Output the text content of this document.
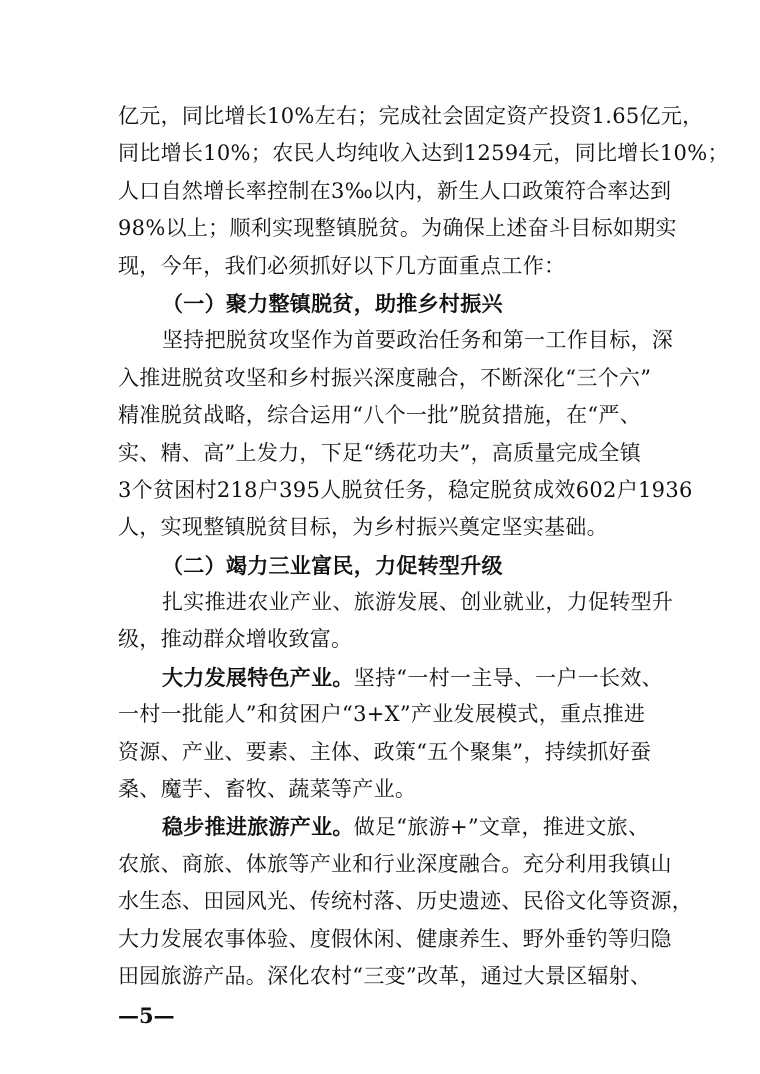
亿元，同比增长10%左右；完成社会固定资产投资1.65亿元，
同比增长10%；农民人均纯收入达到12594元，同比增长10%；
人口自然增长率控制在3‰以内，新生人口政策符合率达到
98%以上；顺利实现整镇脱贫。为确保上述奋斗目标如期实
现，今年，我们必须抓好以下几方面重点工作：
（一）聚力整镇脱贫，助推乡村振兴
坚持把脱贫攻坚作为首要政治任务和第一工作目标，深
入推进脱贫攻坚和乡村振兴深度融合，不断深化“三个六”
精准脱贫战略，综合运用“八个一批”脱贫措施，在“严、
实、精、高”上发力，下足“绣花功夫”，高质量完成全镇
3个贫困村218户395人脱贫任务，稳定脱贫成效602户1936
人，实现整镇脱贫目标，为乡村振兴奠定坚实基础。
（二）竭力三业富民，力促转型升级
扎实推进农业产业、旅游发展、创业就业，力促转型升
级，推动群众增收致富。
大力发展特色产业。坚持“一村一主导、一户一长效、
一村一批能人”和贫困户“3+X”产业发展模式，重点推进
资源、产业、要素、主体、政策“五个聚集”，持续抓好蚕
桑、魔芋、畜牧、蔬菜等产业。
稳步推进旅游产业。做足“旅游+”文章，推进文旅、
农旅、商旅、体旅等产业和行业深度融合。充分利用我镇山
水生态、田园风光、传统村落、历史遗迹、民俗文化等资源，
大力发展农事体验、度假休闲、健康养生、野外垂钓等归隐
田园旅游产品。深化农村“三变”改革，通过大景区辐射、
—5—
